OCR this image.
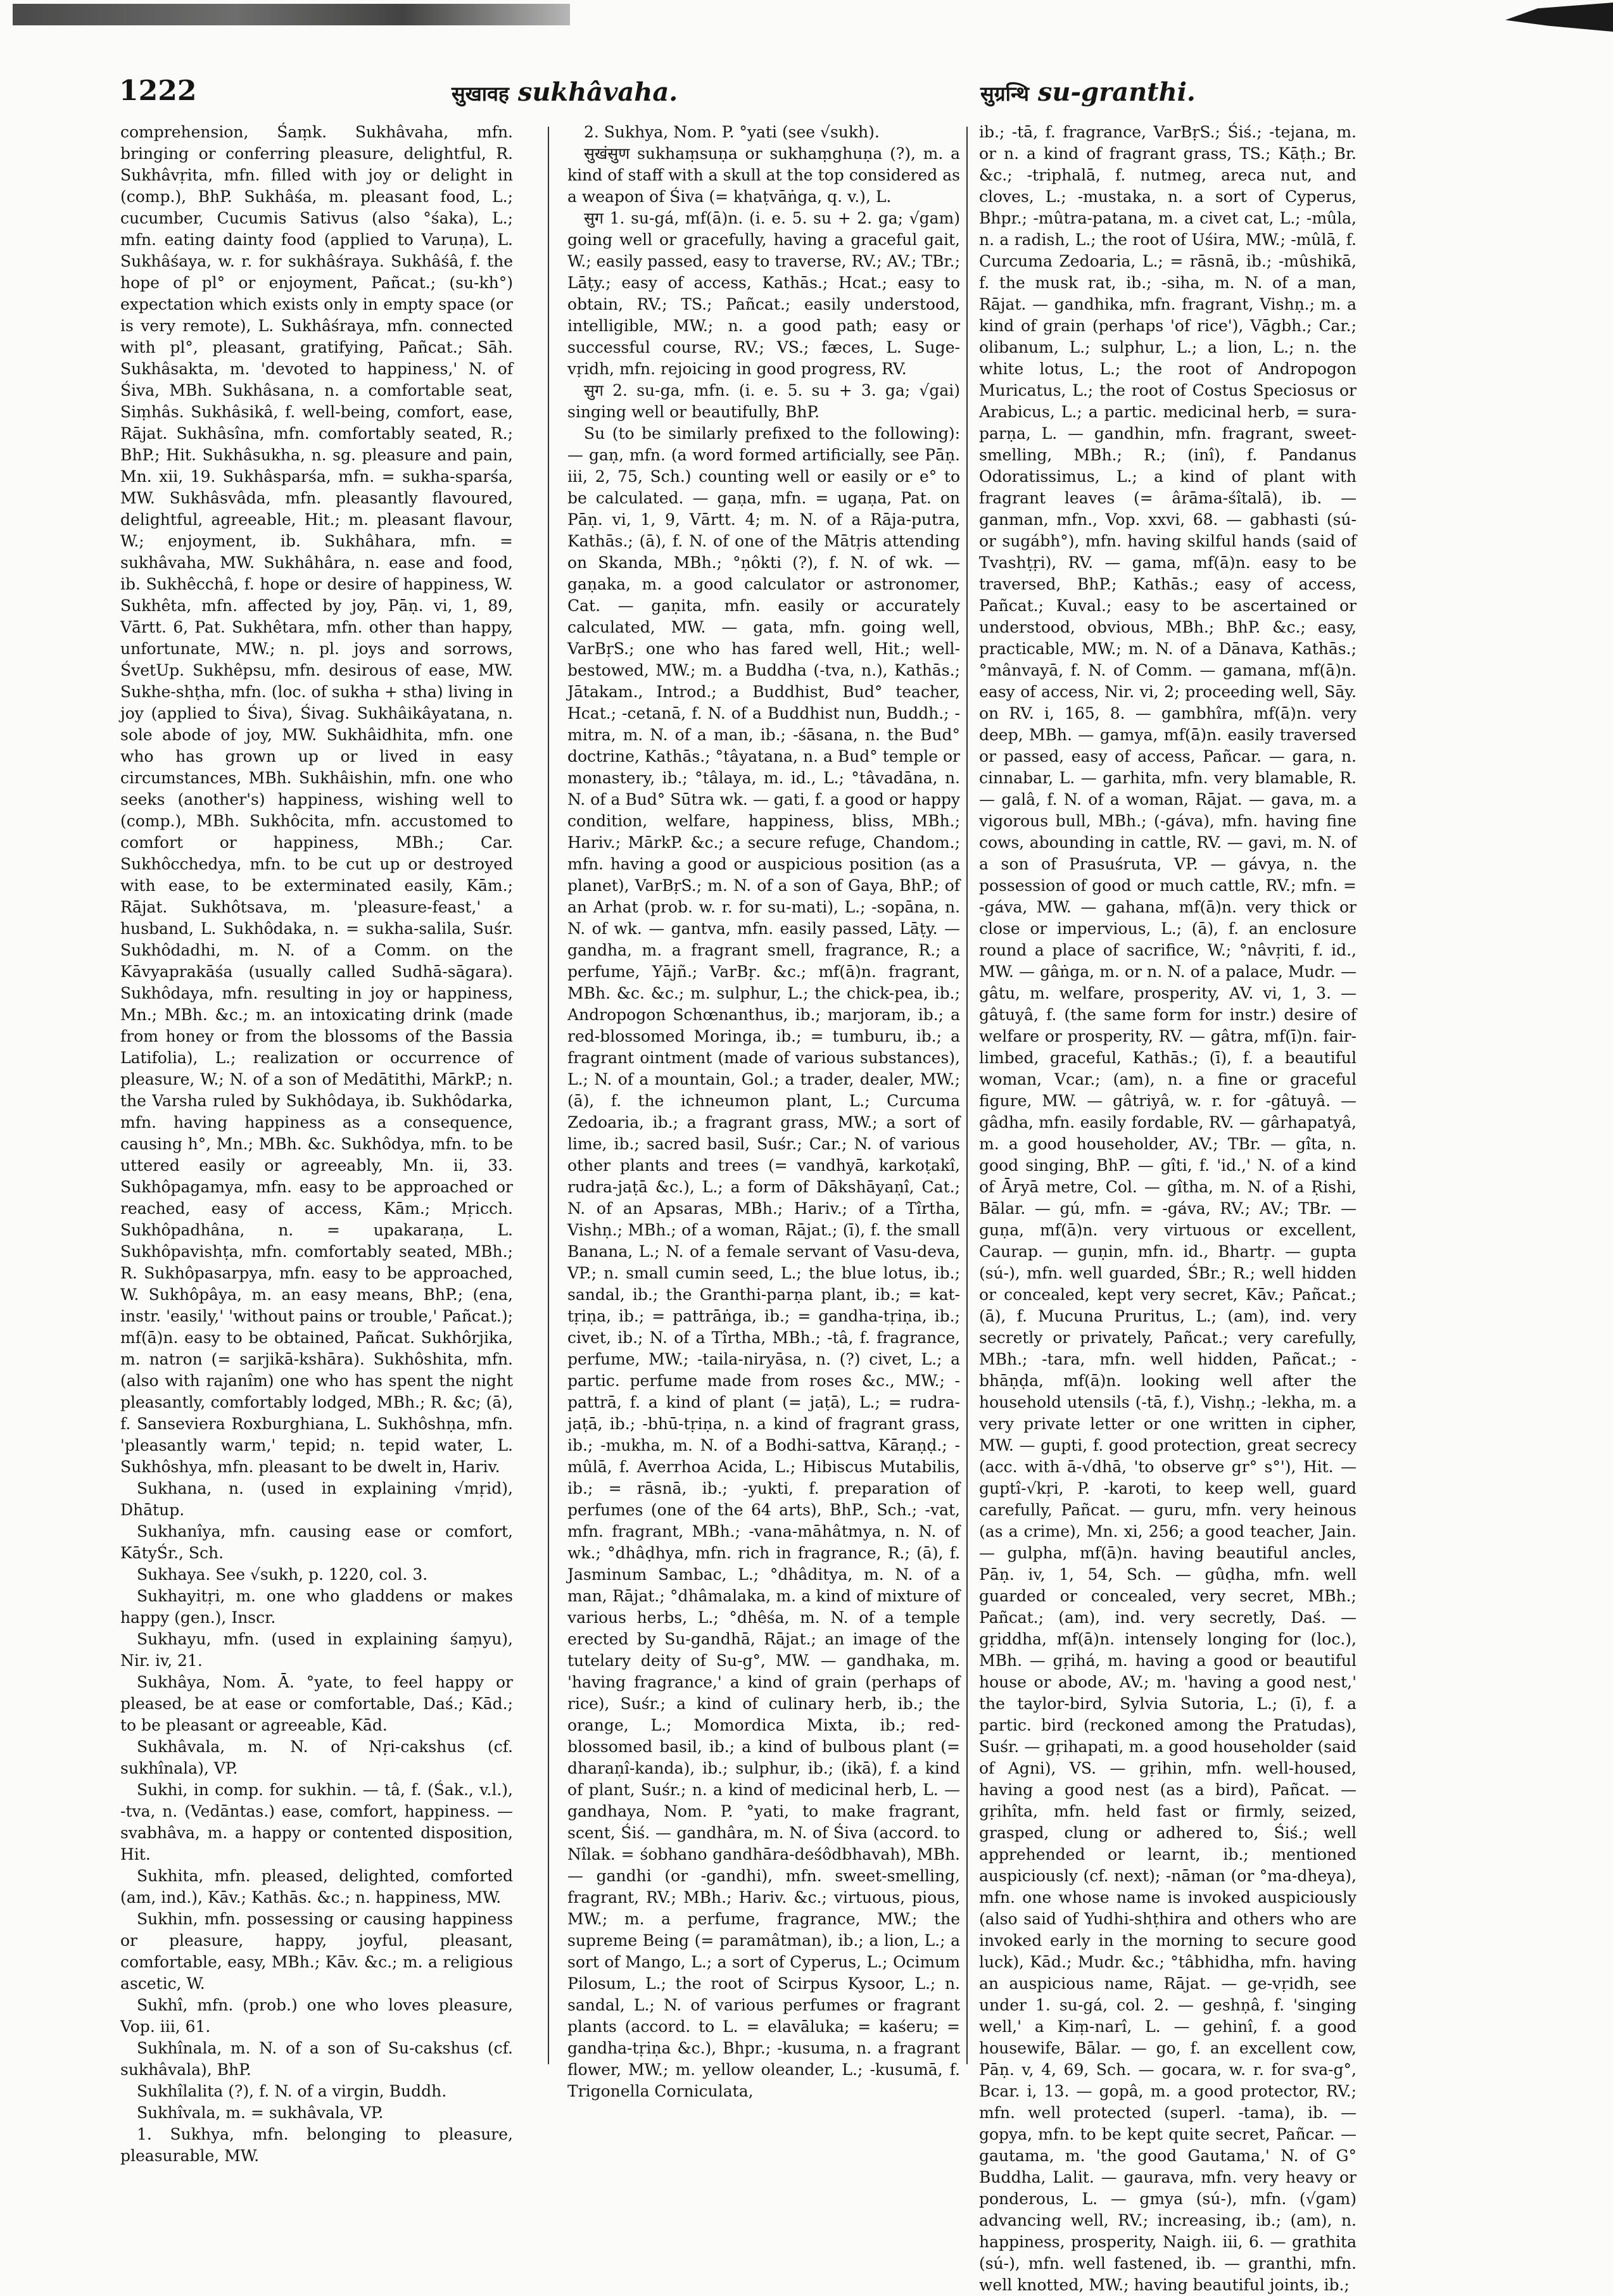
1222	सुखावह sukhâvaha.	सुग्रन्थि su-granthi.

comprehension, Śaṃk. Sukhâvaha, mfn. bringing or conferring pleasure, delightful, R. Sukhâvṛita, mfn. filled with joy or delight in (comp.), BhP. Sukhâśa, m. pleasant food, L.; cucumber, Cucumis Sativus (also °śaka), L.; mfn. eating dainty food (applied to Varuṇa), L. Sukhâśaya, w. r. for sukhâśraya. Sukhâśâ, f. the hope of pl° or enjoyment, Pañcat.; (su-kh°) expectation which exists only in empty space (or is very remote), L. Sukhâśraya, mfn. connected with pl°, pleasant, gratifying, Pañcat.; Sāh. Sukhâsakta, m. 'devoted to happiness,' N. of Śiva, MBh. Sukhâsana, n. a comfortable seat, Siṃhâs. Sukhâsikâ, f. well-being, comfort, ease, Rājat. Sukhâsîna, mfn. comfortably seated, R.; BhP.; Hit. Sukhâsukha, n. sg. pleasure and pain, Mn. xii, 19. Sukhâsparśa, mfn. = sukha-sparśa, MW. Sukhâsvâda, mfn. pleasantly flavoured, delightful, agreeable, Hit.; m. pleasant flavour, W.; enjoyment, ib. Sukhâhara, mfn. = sukhâvaha, MW. Sukhâhâra, n. ease and food, ib. Sukhêcchâ, f. hope or desire of happiness, W. Sukhêta, mfn. affected by joy, Pāṇ. vi, 1, 89, Vārtt. 6, Pat. Sukhêtara, mfn. other than happy, unfortunate, MW.; n. pl. joys and sorrows, ŚvetUp. Sukhêpsu, mfn. desirous of ease, MW. Sukhe-shṭha, mfn. (loc. of sukha + stha) living in joy (applied to Śiva), Śivag. Sukhâikâyatana, n. sole abode of joy, MW. Sukhâidhita, mfn. one who has grown up or lived in easy circumstances, MBh. Sukhâishin, mfn. one who seeks (another's) happiness, wishing well to (comp.), MBh. Sukhôcita, mfn. accustomed to comfort or happiness, MBh.; Car. Sukhôcchedya, mfn. to be cut up or destroyed with ease, to be exterminated easily, Kām.; Rājat. Sukhôtsava, m. 'pleasure-feast,' a husband, L. Sukhôdaka, n. = sukha-salila, Suśr. Sukhôdadhi, m. N. of a Comm. on the Kāvyaprakāśa (usually called Sudhā-sāgara). Sukhôdaya, mfn. resulting in joy or happiness, Mn.; MBh. &c.; m. an intoxicating drink (made from honey or from the blossoms of the Bassia Latifolia), L.; realization or occurrence of pleasure, W.; N. of a son of Medātithi, MārkP.; n. the Varsha ruled by Sukhôdaya, ib. Sukhôdarka, mfn. having happiness as a consequence, causing h°, Mn.; MBh. &c. Sukhôdya, mfn. to be uttered easily or agreeably, Mn. ii, 33. Sukhôpagamya, mfn. easy to be approached or reached, easy of access, Kām.; Mṛicch. Sukhôpadhâna, n. = upakaraṇa, L. Sukhôpavishṭa, mfn. comfortably seated, MBh.; R. Sukhôpasarpya, mfn. easy to be approached, W. Sukhôpâya, m. an easy means, BhP.; (ena, instr. 'easily,' 'without pains or trouble,' Pañcat.); mf(ā)n. easy to be obtained, Pañcat. Sukhôrjika, m. natron (= sarjikā-kshāra). Sukhôshita, mfn. (also with rajanîm) one who has spent the night pleasantly, comfortably lodged, MBh.; R. &c; (ā), f. Sanseviera Roxburghiana, L. Sukhôshṇa, mfn. 'pleasantly warm,' tepid; n. tepid water, L. Sukhôshya, mfn. pleasant to be dwelt in, Hariv.

Sukhana, n. (used in explaining √mṛid), Dhātup.

Sukhanîya, mfn. causing ease or comfort, KātyŚr., Sch.

Sukhaya. See √sukh, p. 1220, col. 3.

Sukhayitṛi, m. one who gladdens or makes happy (gen.), Inscr.

Sukhayu, mfn. (used in explaining śaṃyu), Nir. iv, 21.

Sukhâya, Nom. Ā. °yate, to feel happy or pleased, be at ease or comfortable, Daś.; Kād.; to be pleasant or agreeable, Kād.

Sukhâvala, m. N. of Nṛi-cakshus (cf. sukhînala), VP.

Sukhi, in comp. for sukhin. — tâ, f. (Śak., v.l.), -tva, n. (Vedāntas.) ease, comfort, happiness. — svabhâva, m. a happy or contented disposition, Hit.

Sukhita, mfn. pleased, delighted, comforted (am, ind.), Kāv.; Kathās. &c.; n. happiness, MW.

Sukhin, mfn. possessing or causing happiness or pleasure, happy, joyful, pleasant, comfortable, easy, MBh.; Kāv. &c.; m. a religious ascetic, W.

Sukhî, mfn. (prob.) one who loves pleasure, Vop. iii, 61.

Sukhînala, m. N. of a son of Su-cakshus (cf. sukhâvala), BhP.

Sukhîlalita (?), f. N. of a virgin, Buddh.

Sukhîvala, m. = sukhâvala, VP.

1. Sukhya, mfn. belonging to pleasure, pleasurable, MW.

2. Sukhya, Nom. P. °yati (see √sukh).

सुखंसुण sukhaṃsuṇa or sukhaṃghuṇa (?), m. a kind of staff with a skull at the top considered as a weapon of Śiva (= khaṭvāṅga, q. v.), L.

सुग 1. su-gá, mf(ā)n. (i. e. 5. su + 2. ga; √gam) going well or gracefully, having a graceful gait, W.; easily passed, easy to traverse, RV.; AV.; TBr.; Lāṭy.; easy of access, Kathās.; Hcat.; easy to obtain, RV.; TS.; Pañcat.; easily understood, intelligible, MW.; n. a good path; easy or successful course, RV.; VS.; fæces, L. Suge-vṛidh, mfn. rejoicing in good progress, RV.

सुग 2. su-ga, mfn. (i. e. 5. su + 3. ga; √gai) singing well or beautifully, BhP.

Su (to be similarly prefixed to the following): — gaṇ, mfn. (a word formed artificially, see Pāṇ. iii, 2, 75, Sch.) counting well or easily or e° to be calculated. — gaṇa, mfn. = ugaṇa, Pat. on Pāṇ. vi, 1, 9, Vārtt. 4; m. N. of a Rāja-putra, Kathās.; (ā), f. N. of one of the Mātṛis attending on Skanda, MBh.; °ṇôkti (?), f. N. of wk. — gaṇaka, m. a good calculator or astronomer, Cat. — gaṇita, mfn. easily or accurately calculated, MW. — gata, mfn. going well, VarBṛS.; one who has fared well, Hit.; well-bestowed, MW.; m. a Buddha (-tva, n.), Kathās.; Jātakam., Introd.; a Buddhist, Bud° teacher, Hcat.; -cetanā, f. N. of a Buddhist nun, Buddh.; -mitra, m. N. of a man, ib.; -śāsana, n. the Bud° doctrine, Kathās.; °tâyatana, n. a Bud° temple or monastery, ib.; °tâlaya, m. id., L.; °tâvadāna, n. N. of a Bud° Sūtra wk. — gati, f. a good or happy condition, welfare, happiness, bliss, MBh.; Hariv.; MārkP. &c.; a secure refuge, Chandom.; mfn. having a good or auspicious position (as a planet), VarBṛS.; m. N. of a son of Gaya, BhP.; of an Arhat (prob. w. r. for su-mati), L.; -sopāna, n. N. of wk. — gantva, mfn. easily passed, Lāṭy. — gandha, m. a fragrant smell, fragrance, R.; a perfume, Yājñ.; VarBṛ. &c.; mf(ā)n. fragrant, MBh. &c. &c.; m. sulphur, L.; the chick-pea, ib.; Andropogon Schœnanthus, ib.; marjoram, ib.; a red-blossomed Moringa, ib.; = tumburu, ib.; a fragrant ointment (made of various substances), L.; N. of a mountain, Gol.; a trader, dealer, MW.; (ā), f. the ichneumon plant, L.; Curcuma Zedoaria, ib.; a fragrant grass, MW.; a sort of lime, ib.; sacred basil, Suśr.; Car.; N. of various other plants and trees (= vandhyā, karkoṭakî, rudra-jaṭā &c.), L.; a form of Dākshāyaṇî, Cat.; N. of an Apsaras, MBh.; Hariv.; of a Tîrtha, Vishṇ.; MBh.; of a woman, Rājat.; (ī), f. the small Banana, L.; N. of a female servant of Vasu-deva, VP.; n. small cumin seed, L.; the blue lotus, ib.; sandal, ib.; the Granthi-parṇa plant, ib.; = kat-tṛiṇa, ib.; = pattrāṅga, ib.; = gandha-tṛiṇa, ib.; civet, ib.; N. of a Tîrtha, MBh.; -tâ, f. fragrance, perfume, MW.; -taila-niryāsa, n. (?) civet, L.; a partic. perfume made from roses &c., MW.; -pattrā, f. a kind of plant (= jaṭā), L.; = rudra-jaṭā, ib.; -bhū-tṛiṇa, n. a kind of fragrant grass, ib.; -mukha, m. N. of a Bodhi-sattva, Kāraṇḍ.; -mûlā, f. Averrhoa Acida, L.; Hibiscus Mutabilis, ib.; = rāsnā, ib.; -yukti, f. preparation of perfumes (one of the 64 arts), BhP., Sch.; -vat, mfn. fragrant, MBh.; -vana-māhâtmya, n. N. of wk.; °dhâḍhya, mfn. rich in fragrance, R.; (ā), f. Jasminum Sambac, L.; °dhâditya, m. N. of a man, Rājat.; °dhâmalaka, m. a kind of mixture of various herbs, L.; °dhêśa, m. N. of a temple erected by Su-gandhā, Rājat.; an image of the tutelary deity of Su-g°, MW. — gandhaka, m. 'having fragrance,' a kind of grain (perhaps of rice), Suśr.; a kind of culinary herb, ib.; the orange, L.; Momordica Mixta, ib.; red-blossomed basil, ib.; a kind of bulbous plant (= dharaṇî-kanda), ib.; sulphur, ib.; (ikā), f. a kind of plant, Suśr.; n. a kind of medicinal herb, L. — gandhaya, Nom. P. °yati, to make fragrant, scent, Śiś. — gandhâra, m. N. of Śiva (accord. to Nîlak. = śobhano gandhāra-deśôdbhavah), MBh. — gandhi (or -gandhi), mfn. sweet-smelling, fragrant, RV.; MBh.; Hariv. &c.; virtuous, pious, MW.; m. a perfume, fragrance, MW.; the supreme Being (= paramâtman), ib.; a lion, L.; a sort of Mango, L.; a sort of Cyperus, L.; Ocimum Pilosum, L.; the root of Scirpus Kysoor, L.; n. sandal, L.; N. of various perfumes or fragrant plants (accord. to L. = elavāluka; = kaśeru; = gandha-tṛiṇa &c.), Bhpr.; -kusuma, n. a fragrant flower, MW.; m. yellow oleander, L.; -kusumā, f. Trigonella Corniculata,

ib.; -tā, f. fragrance, VarBṛS.; Śiś.; -tejana, m. or n. a kind of fragrant grass, TS.; Kāṭh.; Br. &c.; -triphalā, f. nutmeg, areca nut, and cloves, L.; -mustaka, n. a sort of Cyperus, Bhpr.; -mûtra-patana, m. a civet cat, L.; -mûla, n. a radish, L.; the root of Uśira, MW.; -mûlā, f. Curcuma Zedoaria, L.; = rāsnā, ib.; -mûshikā, f. the musk rat, ib.; -siha, m. N. of a man, Rājat. — gandhika, mfn. fragrant, Vishṇ.; m. a kind of grain (perhaps 'of rice'), Vāgbh.; Car.; olibanum, L.; sulphur, L.; a lion, L.; n. the white lotus, L.; the root of Andropogon Muricatus, L.; the root of Costus Speciosus or Arabicus, L.; a partic. medicinal herb, = sura-parṇa, L. — gandhin, mfn. fragrant, sweet-smelling, MBh.; R.; (inî), f. Pandanus Odoratissimus, L.; a kind of plant with fragrant leaves (= ârāma-śîtalā), ib. — ganman, mfn., Vop. xxvi, 68. — gabhasti (sú- or sugábh°), mfn. having skilful hands (said of Tvashṭṛi), RV. — gama, mf(ā)n. easy to be traversed, BhP.; Kathās.; easy of access, Pañcat.; Kuval.; easy to be ascertained or understood, obvious, MBh.; BhP. &c.; easy, practicable, MW.; m. N. of a Dānava, Kathās.; °mânvayā, f. N. of Comm. — gamana, mf(ā)n. easy of access, Nir. vi, 2; proceeding well, Sāy. on RV. i, 165, 8. — gambhîra, mf(ā)n. very deep, MBh. — gamya, mf(ā)n. easily traversed or passed, easy of access, Pañcar. — gara, n. cinnabar, L. — garhita, mfn. very blamable, R. — galâ, f. N. of a woman, Rājat. — gava, m. a vigorous bull, MBh.; (-gáva), mfn. having fine cows, abounding in cattle, RV. — gavi, m. N. of a son of Prasuśruta, VP. — gávya, n. the possession of good or much cattle, RV.; mfn. = -gáva, MW. — gahana, mf(ā)n. very thick or close or impervious, L.; (ā), f. an enclosure round a place of sacrifice, W.; °nâvṛiti, f. id., MW. — gâṅga, m. or n. N. of a palace, Mudr. — gâtu, m. welfare, prosperity, AV. vi, 1, 3. — gâtuyâ, f. (the same form for instr.) desire of welfare or prosperity, RV. — gâtra, mf(ī)n. fair-limbed, graceful, Kathās.; (ī), f. a beautiful woman, Vcar.; (am), n. a fine or graceful figure, MW. — gâtriyâ, w. r. for -gâtuyâ. — gâdha, mfn. easily fordable, RV. — gârhapatyâ, m. a good householder, AV.; TBr. — gîta, n. good singing, BhP. — gîti, f. 'id.,' N. of a kind of Āryā metre, Col. — gîtha, m. N. of a Ṛishi, Bālar. — gú, mfn. = -gáva, RV.; AV.; TBr. — guṇa, mf(ā)n. very virtuous or excellent, Caurap. — guṇin, mfn. id., Bhartṛ. — gupta (sú-), mfn. well guarded, ŚBr.; R.; well hidden or concealed, kept very secret, Kāv.; Pañcat.; (ā), f. Mucuna Pruritus, L.; (am), ind. very secretly or privately, Pañcat.; very carefully, MBh.; -tara, mfn. well hidden, Pañcat.; -bhāṇḍa, mf(ā)n. looking well after the household utensils (-tā, f.), Vishṇ.; -lekha, m. a very private letter or one written in cipher, MW. — gupti, f. good protection, great secrecy (acc. with ā-√dhā, 'to observe gr° s°'), Hit. — guptî-√kṛi, P. -karoti, to keep well, guard carefully, Pañcat. — guru, mfn. very heinous (as a crime), Mn. xi, 256; a good teacher, Jain. — gulpha, mf(ā)n. having beautiful ancles, Pāṇ. iv, 1, 54, Sch. — gûḍha, mfn. well guarded or concealed, very secret, MBh.; Pañcat.; (am), ind. very secretly, Daś. — gṛiddha, mf(ā)n. intensely longing for (loc.), MBh. — gṛihá, m. having a good or beautiful house or abode, AV.; m. 'having a good nest,' the taylor-bird, Sylvia Sutoria, L.; (ī), f. a partic. bird (reckoned among the Pratudas), Suśr. — gṛihapati, m. a good householder (said of Agni), VS. — gṛihin, mfn. well-housed, having a good nest (as a bird), Pañcat. — gṛihîta, mfn. held fast or firmly, seized, grasped, clung or adhered to, Śiś.; well apprehended or learnt, ib.; mentioned auspiciously (cf. next); -nāman (or °ma-dheya), mfn. one whose name is invoked auspiciously (also said of Yudhi-shṭhira and others who are invoked early in the morning to secure good luck), Kād.; Mudr. &c.; °tâbhidha, mfn. having an auspicious name, Rājat. — ge-vṛidh, see under 1. su-gá, col. 2. — geshṇâ, f. 'singing well,' a Kiṃ-narî, L. — gehinî, f. a good housewife, Bālar. — go, f. an excellent cow, Pāṇ. v, 4, 69, Sch. — gocara, w. r. for sva-g°, Bcar. i, 13. — gopâ, m. a good protector, RV.; mfn. well protected (superl. -tama), ib. — gopya, mfn. to be kept quite secret, Pañcar. — gautama, m. 'the good Gautama,' N. of G° Buddha, Lalit. — gaurava, mfn. very heavy or ponderous, L. — gmya (sú-), mfn. (√gam) advancing well, RV.; increasing, ib.; (am), n. happiness, prosperity, Naigh. iii, 6. — grathita (sú-), mfn. well fastened, ib. — granthi, mfn. well knotted, MW.; having beautiful joints, ib.;
